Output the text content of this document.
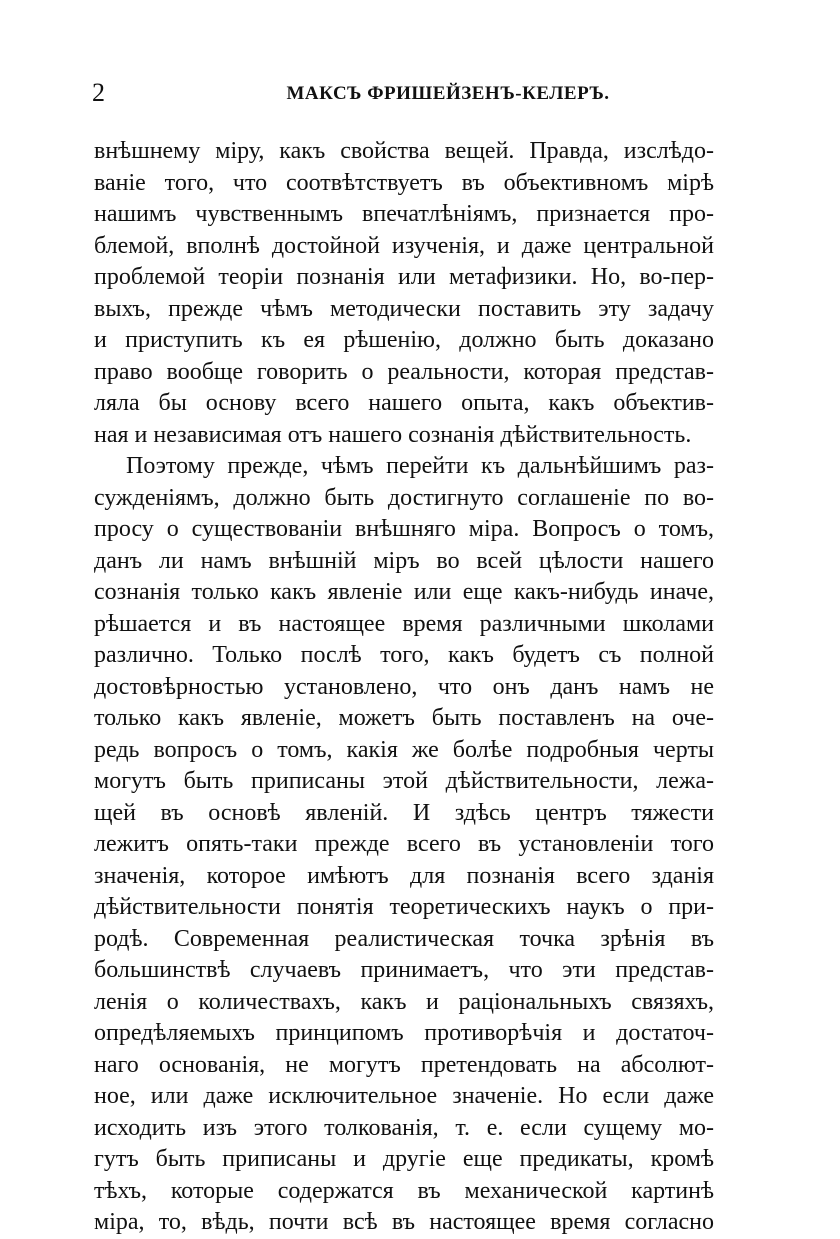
2	МАКСЪ ФРИШЕЙЗЕНЪ-КЕЛЕРЪ.
внѣшнему міру, какъ свойства вещей. Правда, изслѣдо-
ваніе того, что соотвѣтствуетъ въ объективномъ мірѣ
нашимъ чувственнымъ впечатлѣніямъ, признается про-
блемой, вполнѣ достойной изученія, и даже центральной
проблемой теоріи познанія или метафизики. Но, во-пер-
выхъ, прежде чѣмъ методически поставить эту задачу
и приступить къ ея рѣшенію, должно быть доказано
право вообще говорить о реальности, которая представ-
ляла бы основу всего нашего опыта, какъ объектив-
ная и независимая отъ нашего сознанія дѣйствительность.
Поэтому прежде, чѣмъ перейти къ дальнѣйшимъ раз-
сужденіямъ, должно быть достигнуто соглашеніе по во-
просу о существованіи внѣшняго міра. Вопросъ о томъ,
данъ ли намъ внѣшній міръ во всей цѣлости нашего
сознанія только какъ явленіе или еще какъ-нибудь иначе,
рѣшается и въ настоящее время различными школами
различно. Только послѣ того, какъ будетъ съ полной
достовѣрностью установлено, что онъ данъ намъ не
только какъ явленіе, можетъ быть поставленъ на оче-
редь вопросъ о томъ, какія же болѣе подробныя черты
могутъ быть приписаны этой дѣйствительности, лежа-
щей въ основѣ явленій. И здѣсь центръ тяжести
лежитъ опять-таки прежде всего въ установленіи того
значенія, которое имѣютъ для познанія всего зданія
дѣйствительности понятія теоретическихъ наукъ о при-
родѣ. Современная реалистическая точка зрѣнія въ
большинствѣ случаевъ принимаетъ, что эти представ-
ленія о количествахъ, какъ и раціональныхъ связяхъ,
опредѣляемыхъ принципомъ противорѣчія и достаточ-
наго основанія, не могутъ претендовать на абсолют-
ное, или даже исключительное значеніе. Но если даже
исходить изъ этого толкованія, т. е. если сущему мо-
гутъ быть приписаны и другіе еще предикаты, кромѣ
тѣхъ, которые содержатся въ механической картинѣ
міра, то, вѣдь, почти всѣ въ настоящее время согласно
